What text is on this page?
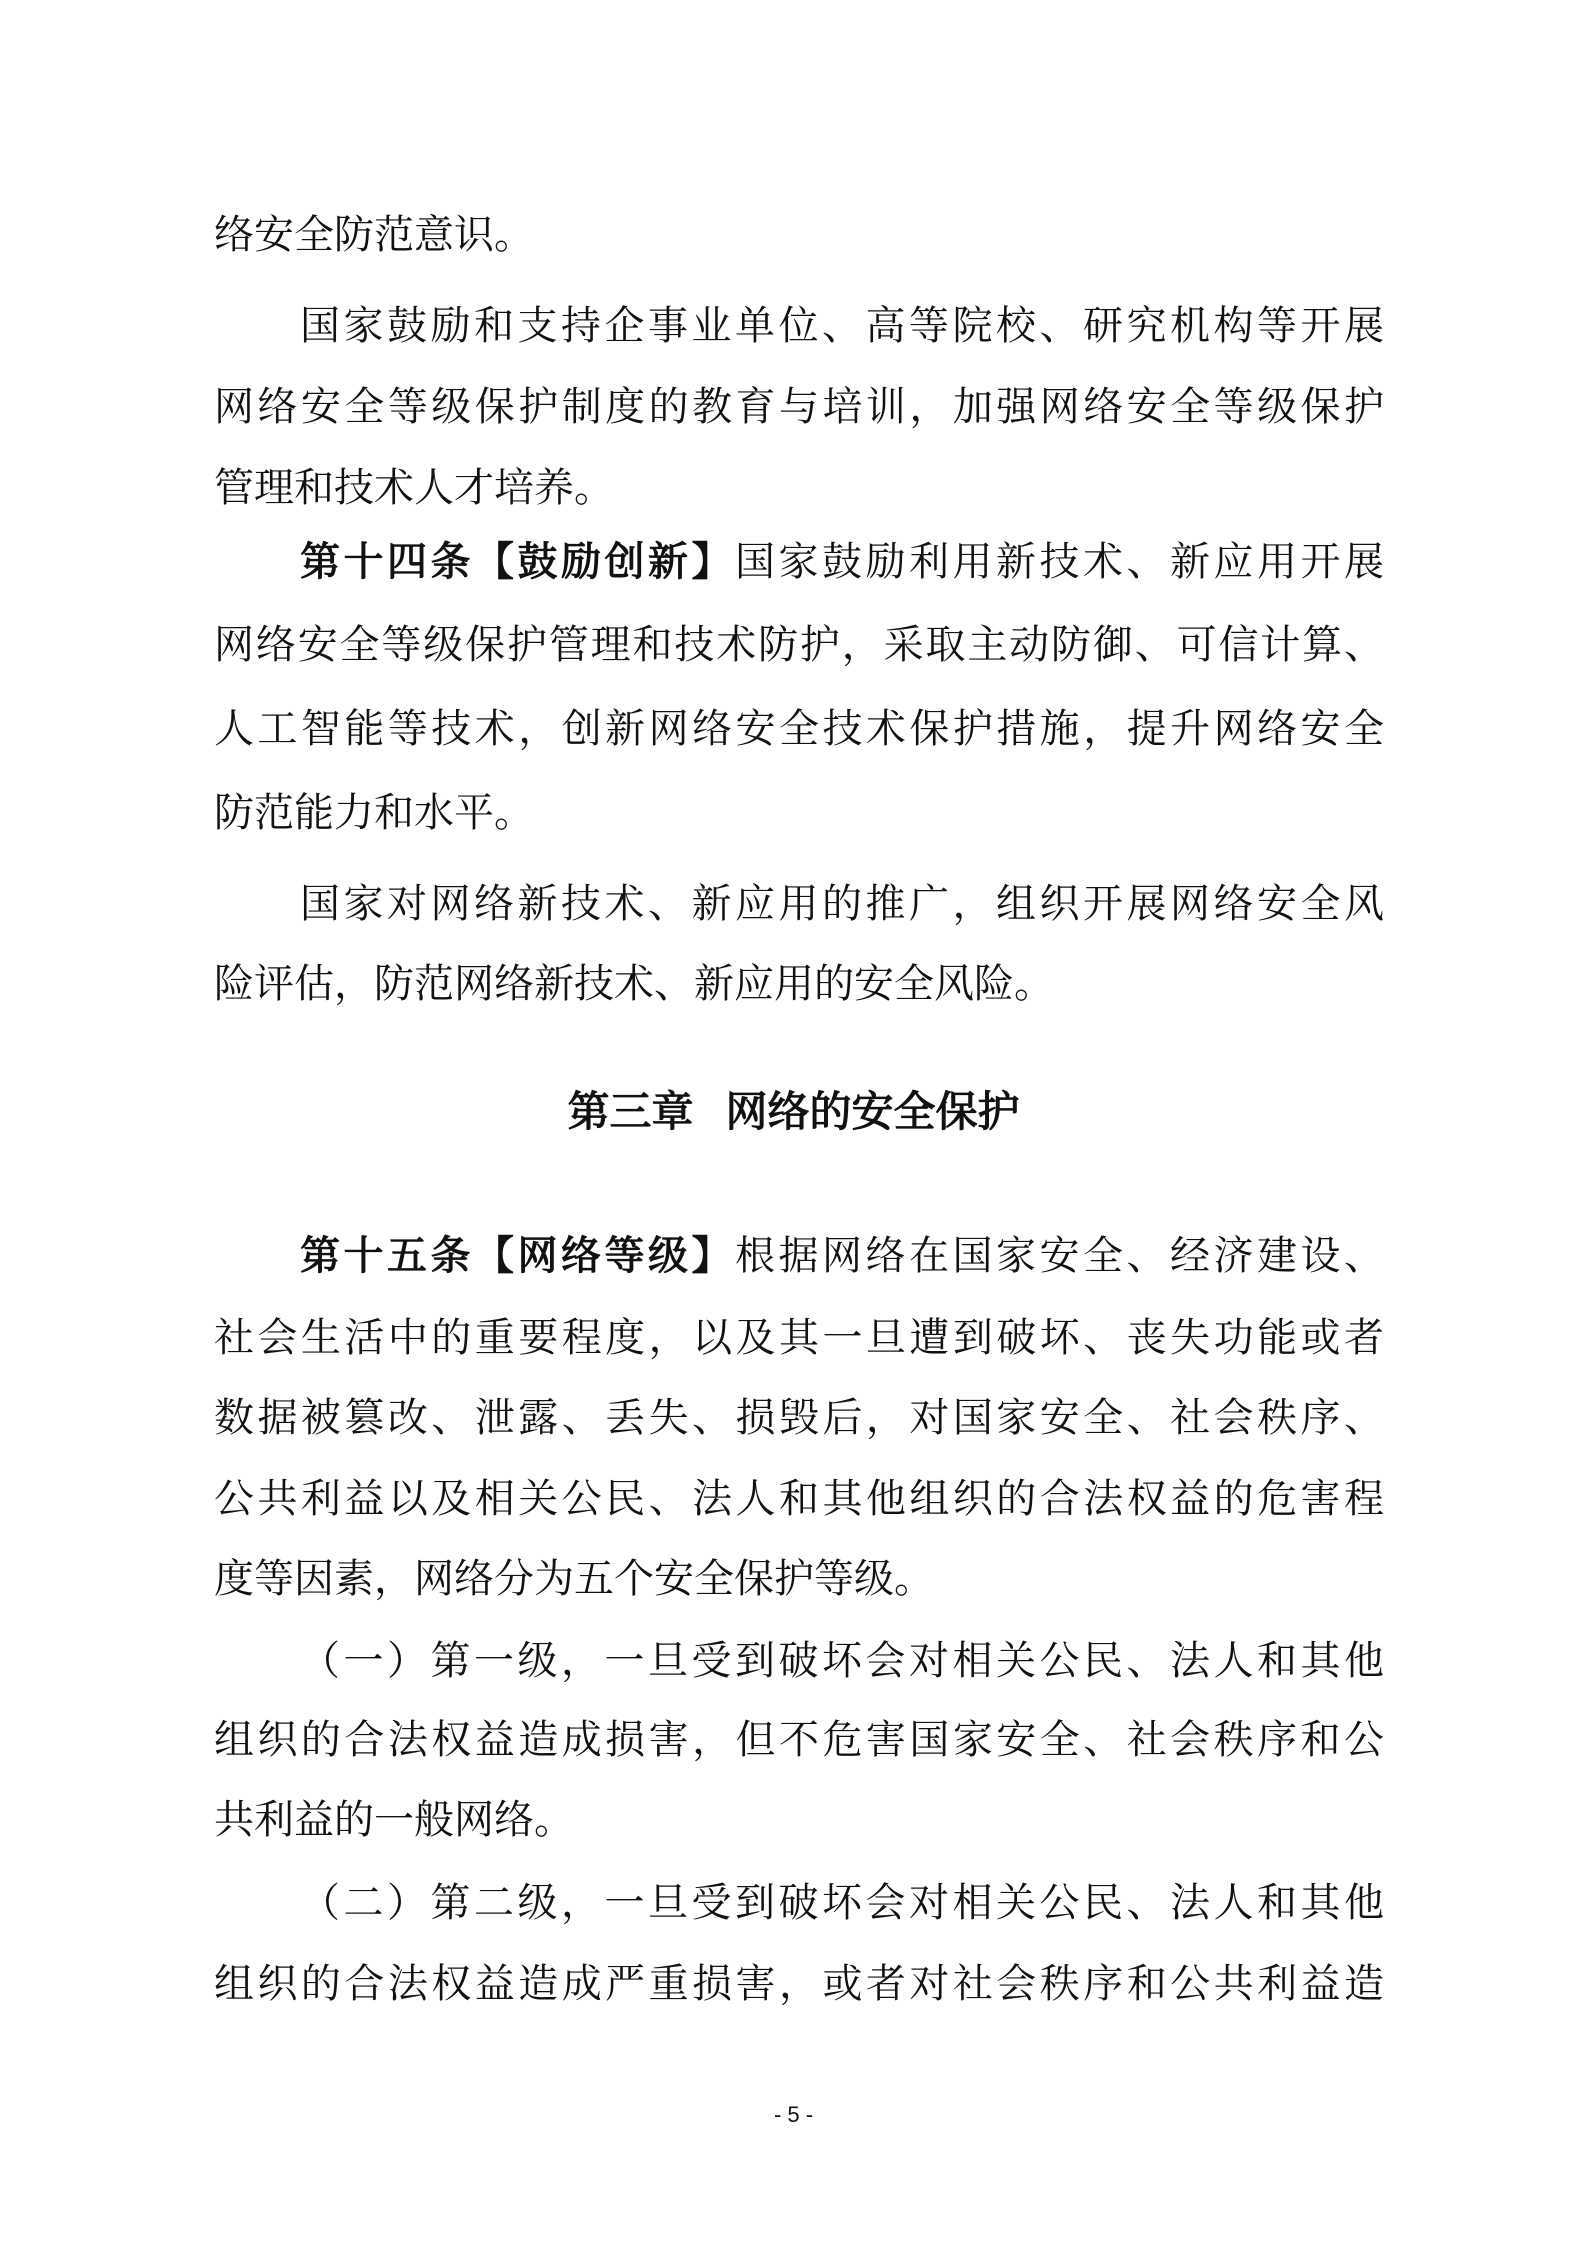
络安全防范意识。
国家鼓励和支持企事业单位、高等院校、研究机构等开展
网络安全等级保护制度的教育与培训，加强网络安全等级保护
管理和技术人才培养。
第十四条【鼓励创新】国家鼓励利用新技术、新应用开展
网络安全等级保护管理和技术防护，采取主动防御、可信计算、
人工智能等技术，创新网络安全技术保护措施，提升网络安全
防范能力和水平。
国家对网络新技术、新应用的推广，组织开展网络安全风
险评估，防范网络新技术、新应用的安全风险。
第三章 网络的安全保护
第十五条【网络等级】根据网络在国家安全、经济建设、
社会生活中的重要程度，以及其一旦遭到破坏、丧失功能或者
数据被篡改、泄露、丢失、损毁后，对国家安全、社会秩序、
公共利益以及相关公民、法人和其他组织的合法权益的危害程
度等因素，网络分为五个安全保护等级。
（一）第一级，一旦受到破坏会对相关公民、法人和其他
组织的合法权益造成损害，但不危害国家安全、社会秩序和公
共利益的一般网络。
（二）第二级，一旦受到破坏会对相关公民、法人和其他
组织的合法权益造成严重损害，或者对社会秩序和公共利益造
- 5 -
